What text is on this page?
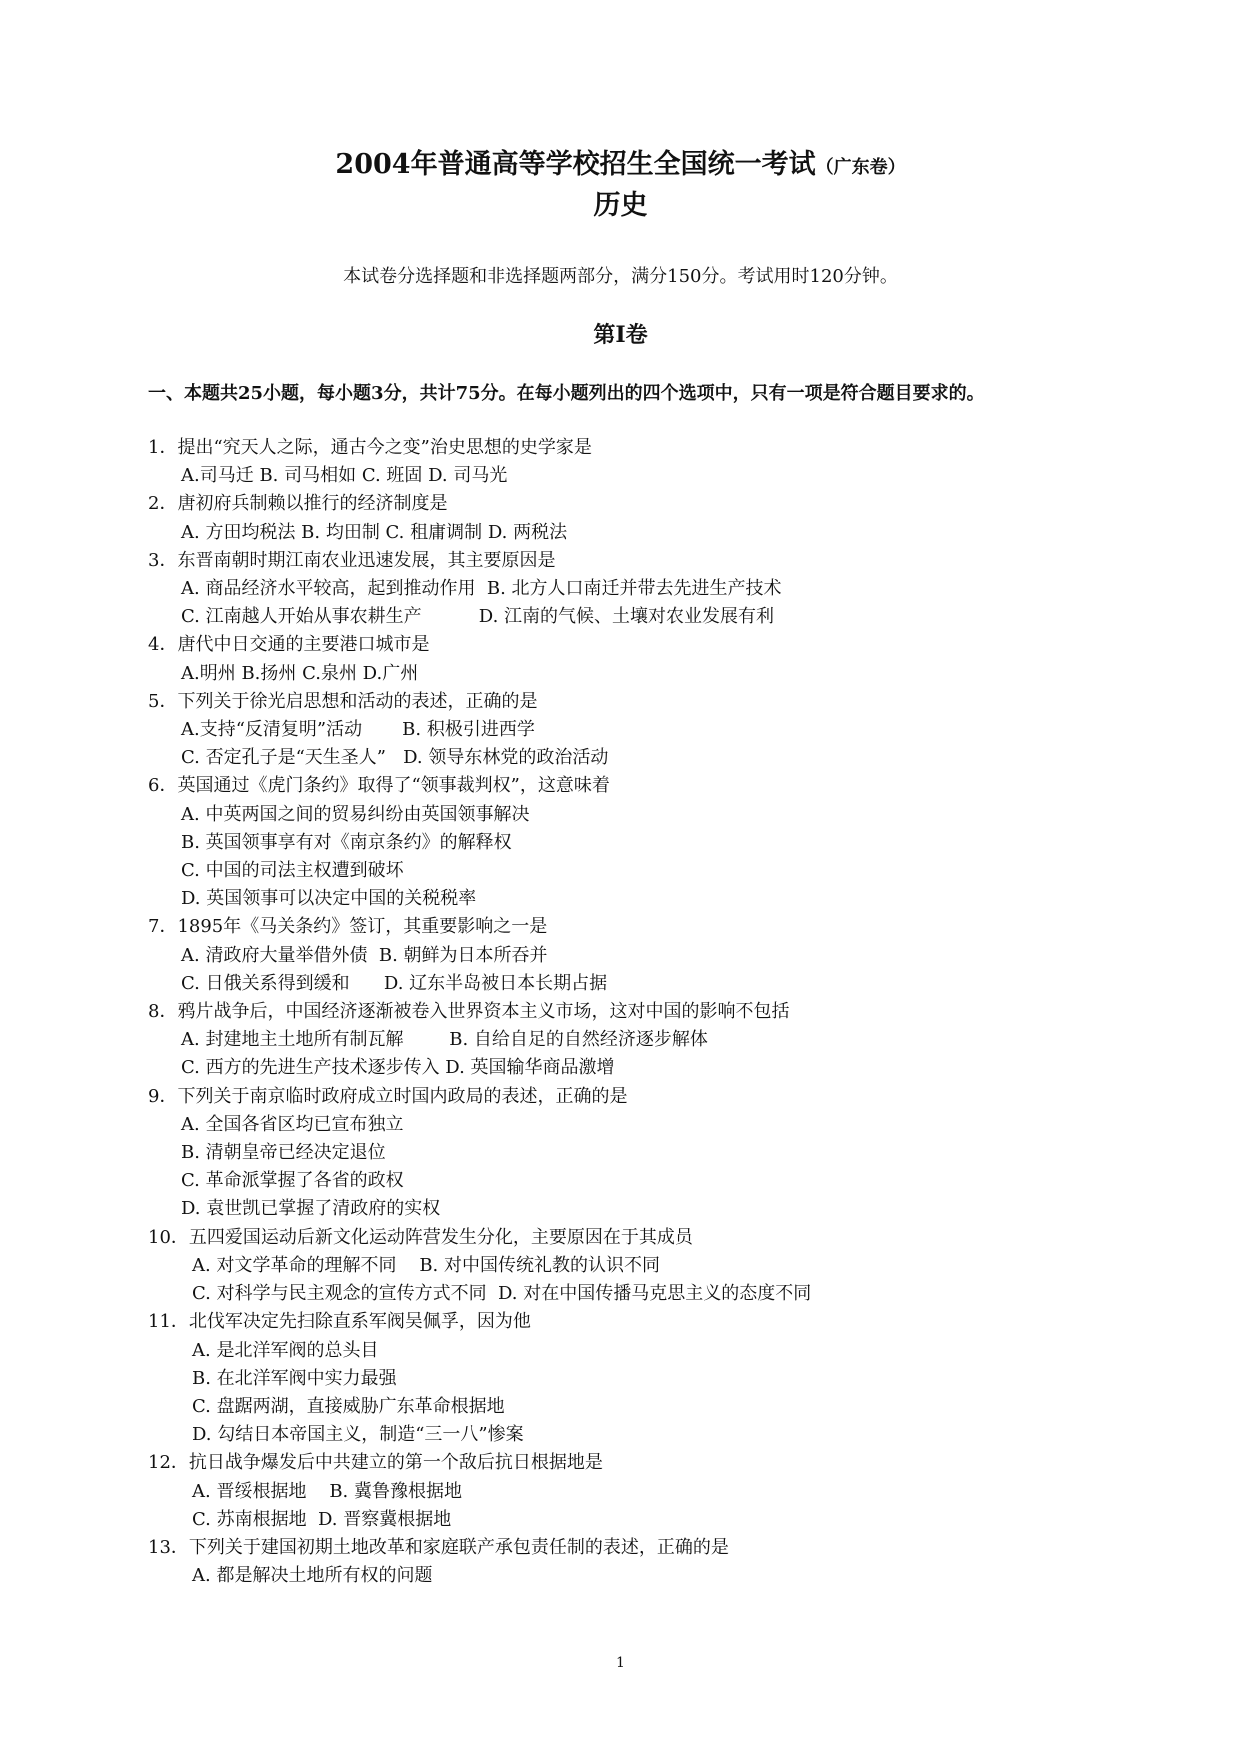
2004年普通高等学校招生全国统一考试（广东卷）
历史
本试卷分选择题和非选择题两部分，满分150分。考试用时120分钟。
第Ⅰ卷
一、本题共25小题，每小题3分，共计75分。在每小题列出的四个选项中，只有一项是符合题目要求的。
1．提出“究天人之际，通古今之变”治史思想的史学家是
A.司马迁 B. 司马相如 C. 班固 D. 司马光
2．唐初府兵制赖以推行的经济制度是
A. 方田均税法 B. 均田制 C. 租庸调制 D. 两税法
3．东晋南朝时期江南农业迅速发展，其主要原因是
A. 商品经济水平较高，起到推动作用  B. 北方人口南迁并带去先进生产技术
C. 江南越人开始从事农耕生产          D. 江南的气候、土壤对农业发展有利
4．唐代中日交通的主要港口城市是
A.明州 B.扬州 C.泉州 D.广州
5．下列关于徐光启思想和活动的表述，正确的是
A.支持“反清复明”活动       B. 积极引进西学
C. 否定孔子是“天生圣人”   D. 领导东林党的政治活动
6．英国通过《虎门条约》取得了“领事裁判权”，这意味着
A. 中英两国之间的贸易纠纷由英国领事解决
B. 英国领事享有对《南京条约》的解释权
C. 中国的司法主权遭到破坏
D. 英国领事可以决定中国的关税税率
7．1895年《马关条约》签订，其重要影响之一是
A. 清政府大量举借外债  B. 朝鲜为日本所吞并
C. 日俄关系得到缓和      D. 辽东半岛被日本长期占据
8．鸦片战争后，中国经济逐渐被卷入世界资本主义市场，这对中国的影响不包括
A. 封建地主土地所有制瓦解        B. 自给自足的自然经济逐步解体
C. 西方的先进生产技术逐步传入 D. 英国输华商品激增
9．下列关于南京临时政府成立时国内政局的表述，正确的是
A. 全国各省区均已宣布独立
B. 清朝皇帝已经决定退位
C. 革命派掌握了各省的政权
D. 袁世凯已掌握了清政府的实权
10．五四爱国运动后新文化运动阵营发生分化，主要原因在于其成员
A. 对文学革命的理解不同    B. 对中国传统礼教的认识不同
C. 对科学与民主观念的宣传方式不同  D. 对在中国传播马克思主义的态度不同
11．北伐军决定先扫除直系军阀吴佩孚，因为他
A. 是北洋军阀的总头目
B. 在北洋军阀中实力最强
C. 盘踞两湖，直接威胁广东革命根据地
D. 勾结日本帝国主义，制造“三一八”惨案
12．抗日战争爆发后中共建立的第一个敌后抗日根据地是
A. 晋绥根据地    B. 冀鲁豫根据地
C. 苏南根据地  D. 晋察冀根据地
13．下列关于建国初期土地改革和家庭联产承包责任制的表述，正确的是
A. 都是解决土地所有权的问题
1
